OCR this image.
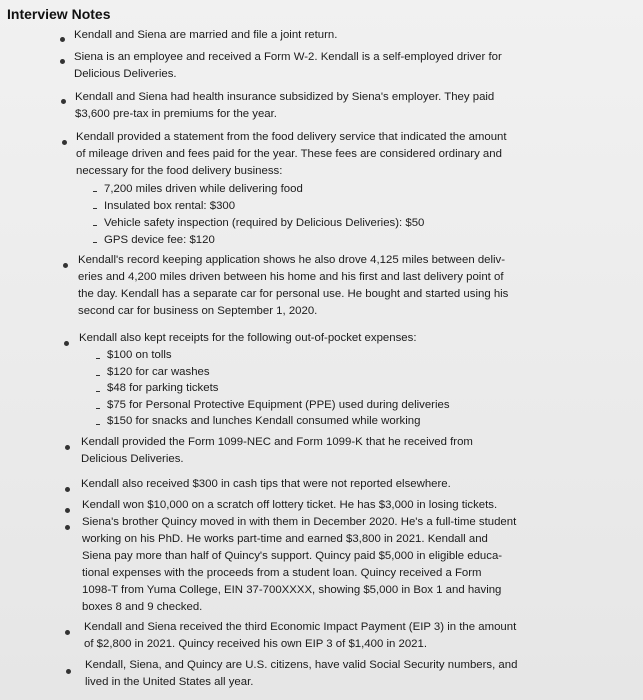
Interview Notes
Kendall and Siena are married and file a joint return.
Siena is an employee and received a Form W-2. Kendall is a self-employed driver for
Delicious Deliveries.
Kendall and Siena had health insurance subsidized by Siena's employer. They paid
$3,600 pre-tax in premiums for the year.
Kendall provided a statement from the food delivery service that indicated the amount
of mileage driven and fees paid for the year. These fees are considered ordinary and
necessary for the food delivery business:
7,200 miles driven while delivering food
Insulated box rental: $300
Vehicle safety inspection (required by Delicious Deliveries): $50
GPS device fee: $120
Kendall's record keeping application shows he also drove 4,125 miles between deliv-
eries and 4,200 miles driven between his home and his first and last delivery point of
the day. Kendall has a separate car for personal use. He bought and started using his
second car for business on September 1, 2020.
Kendall also kept receipts for the following out-of-pocket expenses:
$100 on tolls
$120 for car washes
$48 for parking tickets
$75 for Personal Protective Equipment (PPE) used during deliveries
$150 for snacks and lunches Kendall consumed while working
Kendall provided the Form 1099-NEC and Form 1099-K that he received from
Delicious Deliveries.
Kendall also received $300 in cash tips that were not reported elsewhere.
Kendall won $10,000 on a scratch off lottery ticket. He has $3,000 in losing tickets.
Siena's brother Quincy moved in with them in December 2020. He's a full-time student
working on his PhD. He works part-time and earned $3,800 in 2021. Kendall and
Siena pay more than half of Quincy's support. Quincy paid $5,000 in eligible educa-
tional expenses with the proceeds from a student loan. Quincy received a Form
1098-T from Yuma College, EIN 37-700XXXX, showing $5,000 in Box 1 and having
boxes 8 and 9 checked.
Kendall and Siena received the third Economic Impact Payment (EIP 3) in the amount
of $2,800 in 2021. Quincy received his own EIP 3 of $1,400 in 2021.
Kendall, Siena, and Quincy are U.S. citizens, have valid Social Security numbers, and
lived in the United States all year.
